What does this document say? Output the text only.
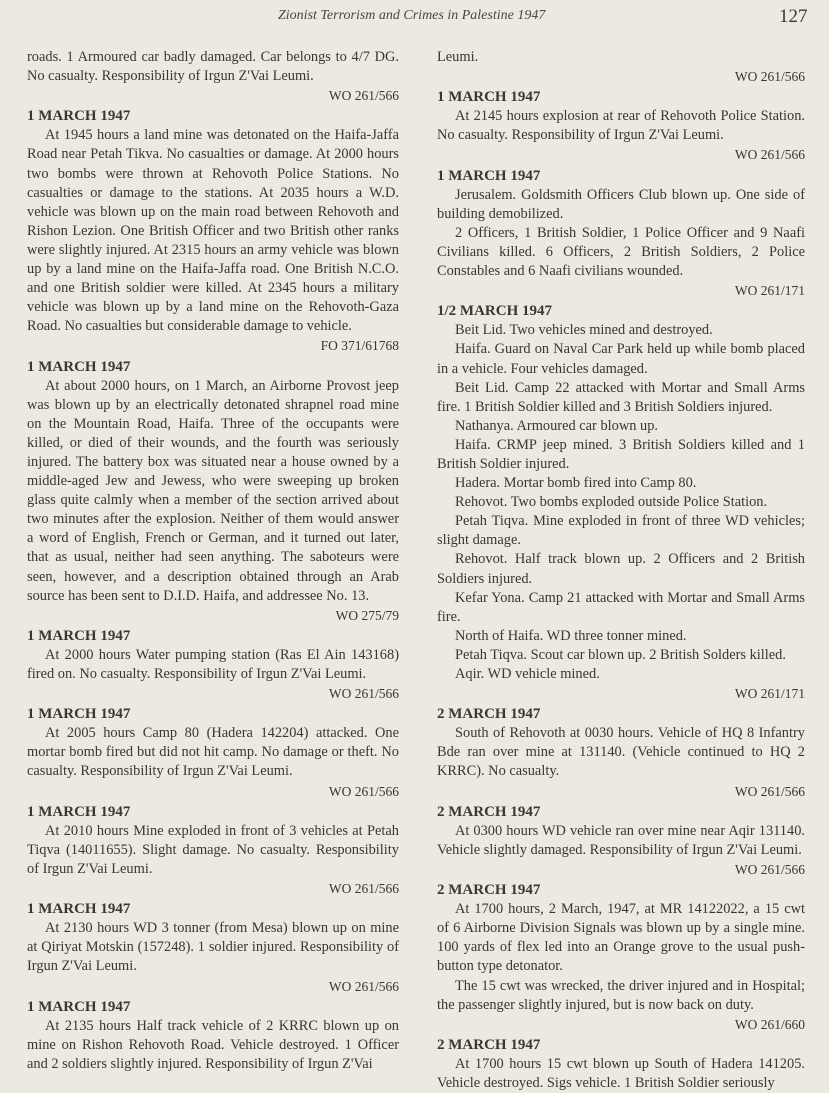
Zionist Terrorism and Crimes in Palestine 1947	127
roads. 1 Armoured car badly damaged. Car belongs to 4/7 DG. No casualty. Responsibility of Irgun Z'Vai Leumi.
WO 261/566
1 MARCH 1947
At 1945 hours a land mine was detonated on the Haifa-Jaffa Road near Petah Tikva. No casualties or damage. At 2000 hours two bombs were thrown at Rehovoth Police Stations. No casualties or damage to the stations. At 2035 hours a W.D. vehicle was blown up on the main road between Rehovoth and Rishon Lezion. One British Officer and two British other ranks were slightly injured. At 2315 hours an army vehicle was blown up by a land mine on the Haifa-Jaffa road. One British N.C.O. and one British soldier were killed. At 2345 hours a military vehicle was blown up by a land mine on the Rehovoth-Gaza Road. No casualties but considerable damage to vehicle.
FO 371/61768
1 MARCH 1947
At about 2000 hours, on 1 March, an Airborne Provost jeep was blown up by an electrically detonated shrapnel road mine on the Mountain Road, Haifa. Three of the occupants were killed, or died of their wounds, and the fourth was seriously injured. The battery box was situated near a house owned by a middle-aged Jew and Jewess, who were sweeping up broken glass quite calmly when a member of the section arrived about two minutes after the explosion. Neither of them would answer a word of English, French or German, and it turned out later, that as usual, neither had seen anything. The saboteurs were seen, however, and a description obtained through an Arab source has been sent to D.I.D. Haifa, and addressee No. 13.
WO 275/79
1 MARCH 1947
At 2000 hours Water pumping station (Ras El Ain 143168) fired on. No casualty. Responsibility of Irgun Z'Vai Leumi.
WO 261/566
1 MARCH 1947
At 2005 hours Camp 80 (Hadera 142204) attacked. One mortar bomb fired but did not hit camp. No damage or theft. No casualty. Responsibility of Irgun Z'Vai Leumi.
WO 261/566
1 MARCH 1947
At 2010 hours Mine exploded in front of 3 vehicles at Petah Tiqva (14011655). Slight damage. No casualty. Responsibility of Irgun Z'Vai Leumi.
WO 261/566
1 MARCH 1947
At 2130 hours WD 3 tonner (from Mesa) blown up on mine at Qiriyat Motskin (157248). 1 soldier injured. Responsibility of Irgun Z'Vai Leumi.
WO 261/566
1 MARCH 1947
At 2135 hours Half track vehicle of 2 KRRC blown up on mine on Rishon Rehovoth Road. Vehicle destroyed. 1 Officer and 2 soldiers slightly injured. Responsibility of Irgun Z'Vai
Leumi.
WO 261/566
1 MARCH 1947
At 2145 hours explosion at rear of Rehovoth Police Station. No casualty. Responsibility of Irgun Z'Vai Leumi.
WO 261/566
1 MARCH 1947
Jerusalem. Goldsmith Officers Club blown up. One side of building demobilized.
2 Officers, 1 British Soldier, 1 Police Officer and 9 Naafi Civilians killed. 6 Officers, 2 British Soldiers, 2 Police Constables and 6 Naafi civilians wounded.
WO 261/171
1/2 MARCH 1947
Beit Lid. Two vehicles mined and destroyed.
Haifa. Guard on Naval Car Park held up while bomb placed in a vehicle. Four vehicles damaged.
Beit Lid. Camp 22 attacked with Mortar and Small Arms fire. 1 British Soldier killed and 3 British Soldiers injured.
Nathanya. Armoured car blown up.
Haifa. CRMP jeep mined. 3 British Soldiers killed and 1 British Soldier injured.
Hadera. Mortar bomb fired into Camp 80.
Rehovot. Two bombs exploded outside Police Station.
Petah Tiqva. Mine exploded in front of three WD vehicles; slight damage.
Rehovot. Half track blown up. 2 Officers and 2 British Soldiers injured.
Kefar Yona. Camp 21 attacked with Mortar and Small Arms fire.
North of Haifa. WD three tonner mined.
Petah Tiqva. Scout car blown up. 2 British Solders killed.
Aqir. WD vehicle mined.
WO 261/171
2 MARCH 1947
South of Rehovoth at 0030 hours. Vehicle of HQ 8 Infantry Bde ran over mine at 131140. (Vehicle continued to HQ 2 KRRC). No casualty.
WO 261/566
2 MARCH 1947
At 0300 hours WD vehicle ran over mine near Aqir 131140. Vehicle slightly damaged. Responsibility of Irgun Z'Vai Leumi.
WO 261/566
2 MARCH 1947
At 1700 hours, 2 March, 1947, at MR 14122022, a 15 cwt of 6 Airborne Division Signals was blown up by a single mine. 100 yards of flex led into an Orange grove to the usual push-button type detonator.
The 15 cwt was wrecked, the driver injured and in Hospital; the passenger slightly injured, but is now back on duty.
WO 261/660
2 MARCH 1947
At 1700 hours 15 cwt blown up South of Hadera 141205. Vehicle destroyed. Sigs vehicle. 1 British Soldier seriously
